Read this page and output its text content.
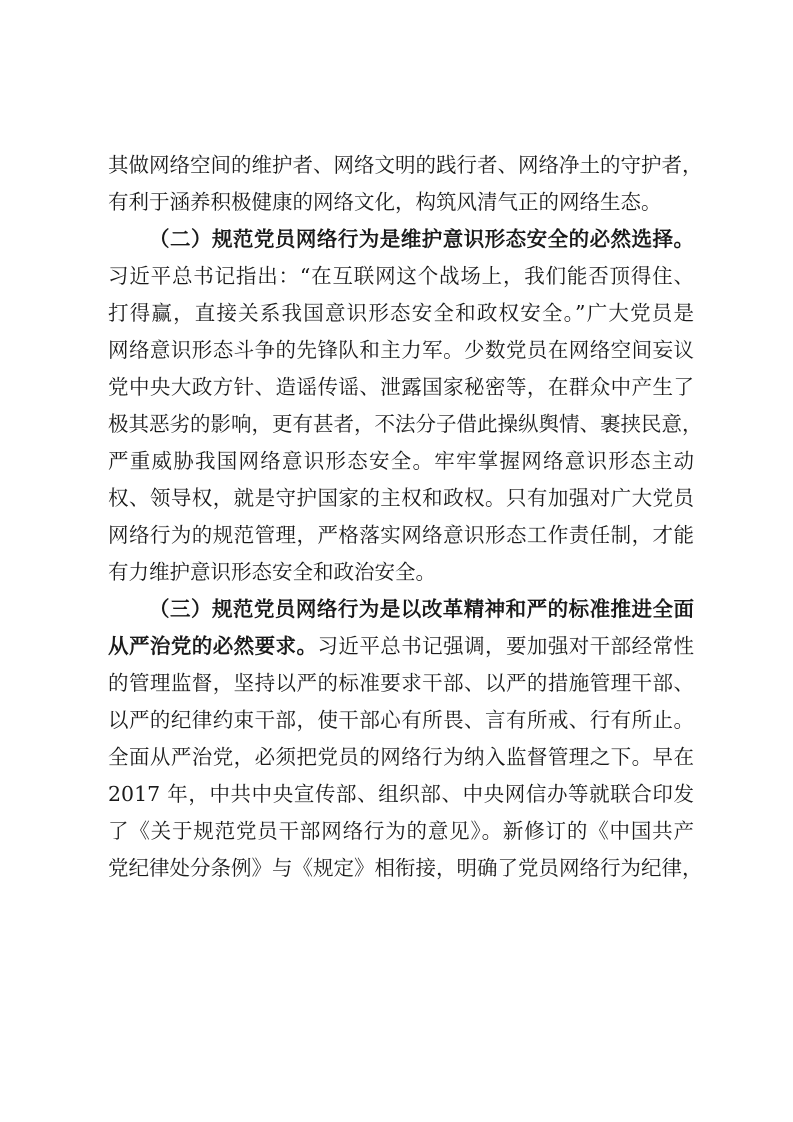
其做网络空间的维护者、网络文明的践行者、网络净土的守护者，
有利于涵养积极健康的网络文化，构筑风清气正的网络生态。
（二）规范党员网络行为是维护意识形态安全的必然选择。
习近平总书记指出：“在互联网这个战场上，我们能否顶得住、
打得赢，直接关系我国意识形态安全和政权安全。”广大党员是
网络意识形态斗争的先锋队和主力军。少数党员在网络空间妄议
党中央大政方针、造谣传谣、泄露国家秘密等，在群众中产生了
极其恶劣的影响，更有甚者，不法分子借此操纵舆情、裹挟民意，
严重威胁我国网络意识形态安全。牢牢掌握网络意识形态主动
权、领导权，就是守护国家的主权和政权。只有加强对广大党员
网络行为的规范管理，严格落实网络意识形态工作责任制，才能
有力维护意识形态安全和政治安全。
（三）规范党员网络行为是以改革精神和严的标准推进全面
从严治党的必然要求。习近平总书记强调，要加强对干部经常性
的管理监督，坚持以严的标准要求干部、以严的措施管理干部、
以严的纪律约束干部，使干部心有所畏、言有所戒、行有所止。
全面从严治党，必须把党员的网络行为纳入监督管理之下。早在
2017 年，中共中央宣传部、组织部、中央网信办等就联合印发
了《关于规范党员干部网络行为的意见》。新修订的《中国共产
党纪律处分条例》与《规定》相衔接，明确了党员网络行为纪律，
